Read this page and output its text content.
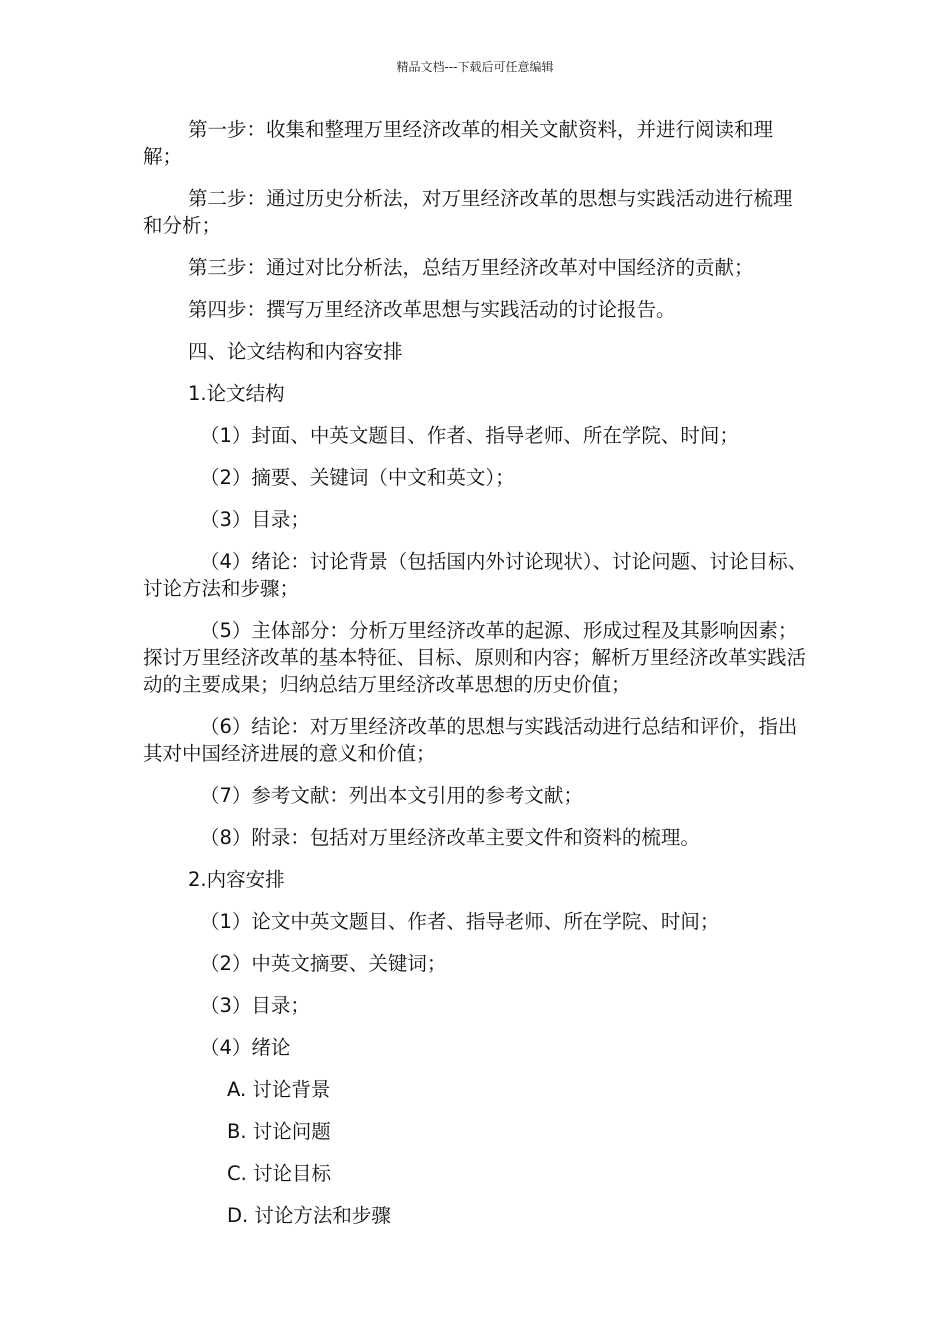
精品文档---下载后可任意编辑

第一步：收集和整理万里经济改革的相关文献资料，并进行阅读和理解；

第二步：通过历史分析法，对万里经济改革的思想与实践活动进行梳理和分析；

第三步：通过对比分析法，总结万里经济改革对中国经济的贡献；

第四步：撰写万里经济改革思想与实践活动的讨论报告。

四、论文结构和内容安排

1.论文结构

（1）封面、中英文题目、作者、指导老师、所在学院、时间；

（2）摘要、关键词（中文和英文）；

（3）目录；

（4）绪论：讨论背景（包括国内外讨论现状）、讨论问题、讨论目标、讨论方法和步骤；

（5）主体部分：分析万里经济改革的起源、形成过程及其影响因素；探讨万里经济改革的基本特征、目标、原则和内容；解析万里经济改革实践活动的主要成果；归纳总结万里经济改革思想的历史价值；

（6）结论：对万里经济改革的思想与实践活动进行总结和评价，指出其对中国经济进展的意义和价值；

（7）参考文献：列出本文引用的参考文献；

（8）附录：包括对万里经济改革主要文件和资料的梳理。

2.内容安排

（1）论文中英文题目、作者、指导老师、所在学院、时间；

（2）中英文摘要、关键词；

（3）目录；

（4）绪论

A. 讨论背景

B. 讨论问题

C. 讨论目标

D. 讨论方法和步骤
